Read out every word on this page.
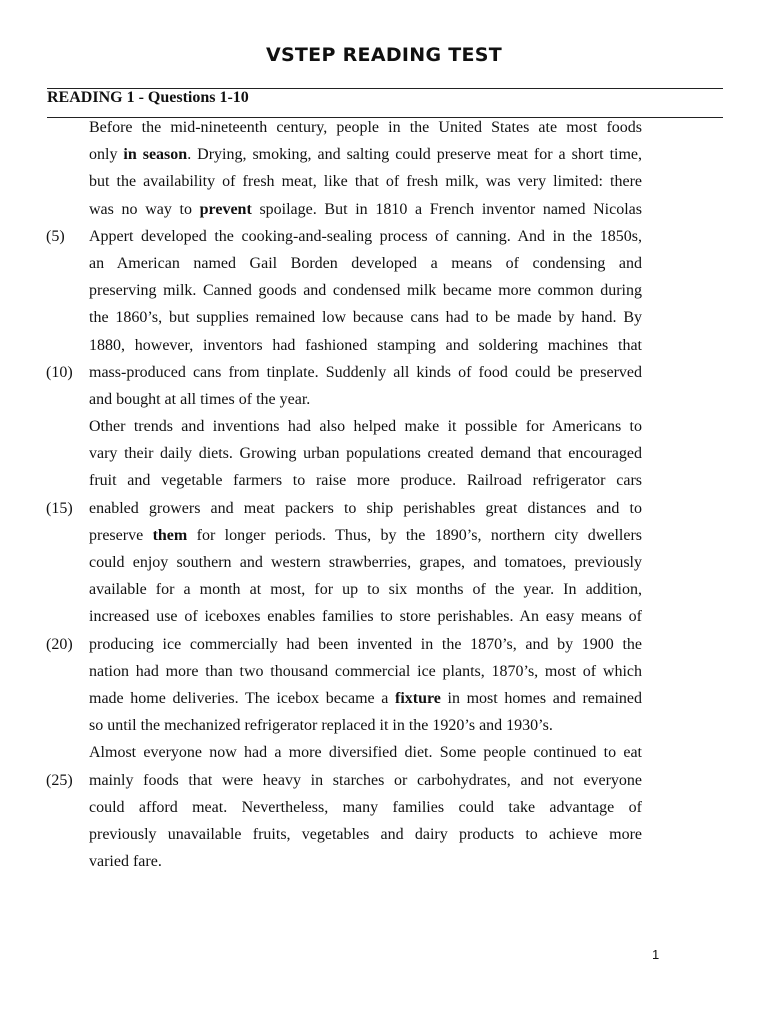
VSTEP READING TEST
READING 1 - Questions 1-10
Before the mid-nineteenth century, people in the United States ate most foods
only in season. Drying, smoking, and salting could preserve meat for a short time,
but the availability of fresh meat, like that of fresh milk, was very limited: there
was no way to prevent spoilage. But in 1810 a French inventor named Nicolas
(5) Appert developed the cooking-and-sealing process of canning. And in the 1850s,
an American named Gail Borden developed a means of condensing and
preserving milk. Canned goods and condensed milk became more common during
the 1860’s, but supplies remained low because cans had to be made by hand. By
1880, however, inventors had fashioned stamping and soldering machines that
(10) mass-produced cans from tinplate. Suddenly all kinds of food could be preserved
and bought at all times of the year.
Other trends and inventions had also helped make it possible for Americans to
vary their daily diets. Growing urban populations created demand that encouraged
fruit and vegetable farmers to raise more produce. Railroad refrigerator cars
(15) enabled growers and meat packers to ship perishables great distances and to
preserve them for longer periods. Thus, by the 1890’s, northern city dwellers
could enjoy southern and western strawberries, grapes, and tomatoes, previously
available for a month at most, for up to six months of the year. In addition,
increased use of iceboxes enables families to store perishables. An easy means of
(20) producing ice commercially had been invented in the 1870’s, and by 1900 the
nation had more than two thousand commercial ice plants, 1870’s, most of which
made home deliveries. The icebox became a fixture in most homes and remained
so until the mechanized refrigerator replaced it in the 1920’s and 1930’s.
Almost everyone now had a more diversified diet. Some people continued to eat
(25) mainly foods that were heavy in starches or carbohydrates, and not everyone
could afford meat. Nevertheless, many families could take advantage of
previously unavailable fruits, vegetables and dairy products to achieve more
varied fare.
1
